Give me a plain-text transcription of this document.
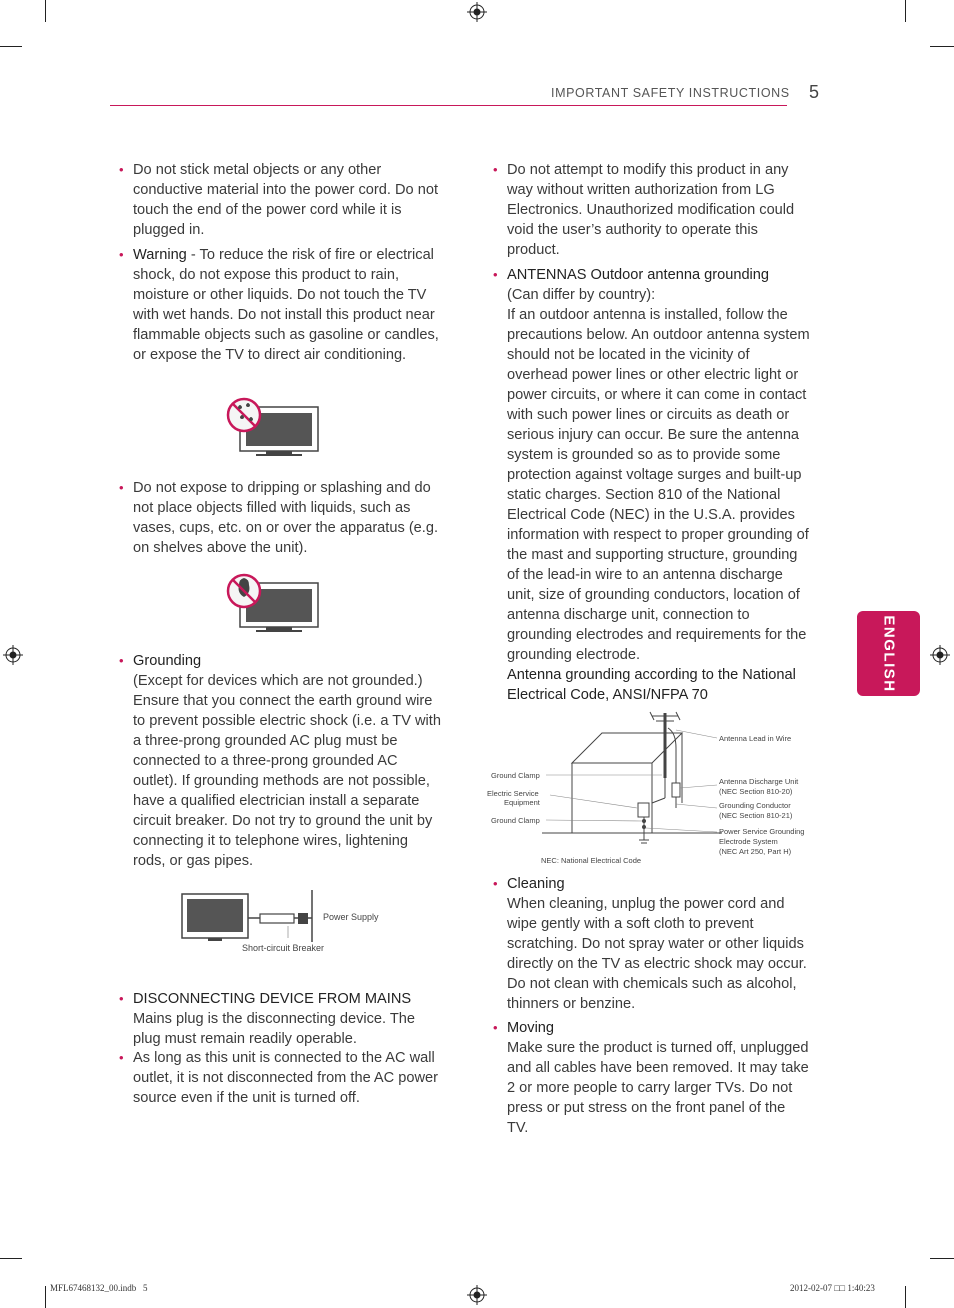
IMPORTANT SAFETY INSTRUCTIONS 5
ENGLISH
• Do not stick metal objects or any other conductive material into the power cord. Do not touch the end of the power cord while it is plugged in.
• Warning - To reduce the risk of fire or electrical shock, do not expose this product to rain, moisture or other liquids. Do not touch the TV with wet hands. Do not install this product near flammable objects such as gasoline or candles, or expose the TV to direct air conditioning.
• Do not expose to dripping or splashing and do not place objects filled with liquids, such as vases, cups, etc. on or over the apparatus (e.g. on shelves above the unit).
• Grounding
(Except for devices which are not grounded.) Ensure that you connect the earth ground wire to prevent possible electric shock (i.e. a TV with a three-prong grounded AC plug must be connected to a three-prong grounded AC outlet). If grounding methods are not possible, have a qualified electrician install a separate circuit breaker. Do not try to ground the unit by connecting it to telephone wires, lightening rods, or gas pipes.
Power Supply
Short-circuit Breaker
• DISCONNECTING DEVICE FROM MAINS
Mains plug is the disconnecting device. The plug must remain readily operable.
• As long as this unit is connected to the AC wall outlet, it is not disconnected from the AC power source even if the unit is turned off.
• Do not attempt to modify this product in any way without written authorization from LG Electronics. Unauthorized modification could void the user’s authority to operate this product.
• ANTENNAS Outdoor antenna grounding
(Can differ by country):
If an outdoor antenna is installed, follow the precautions below. An outdoor antenna system should not be located in the vicinity of overhead power lines or other electric light or power circuits, or where it can come in contact with such power lines or circuits as death or serious injury can occur. Be sure the antenna system is grounded so as to provide some protection against voltage surges and built-up static charges. Section 810 of the National Electrical Code (NEC) in the U.S.A. provides information with respect to proper grounding of the mast and supporting structure, grounding of the lead-in wire to an antenna discharge unit, size of grounding conductors, location of antenna discharge unit, connection to grounding electrodes and requirements for the grounding electrode.
Antenna grounding according to the National Electrical Code, ANSI/NFPA 70
Antenna Lead in Wire
Ground Clamp
Electric Service
Equipment
Ground Clamp
Antenna Discharge Unit
(NEC Section 810-20)
Grounding Conductor
(NEC Section 810-21)
Power Service Grounding
Electrode System
(NEC Art 250, Part H)
NEC: National Electrical Code
• Cleaning
When cleaning, unplug the power cord and wipe gently with a soft cloth to prevent scratching. Do not spray water or other liquids directly on the TV as electric shock may occur. Do not clean with chemicals such as alcohol, thinners or benzine.
• Moving
Make sure the product is turned off, unplugged and all cables have been removed. It may take 2 or more people to carry larger TVs. Do not press or put stress on the front panel of the TV.
MFL67468132_00.indb   5	2012-02-07 □□ 1:40:23
